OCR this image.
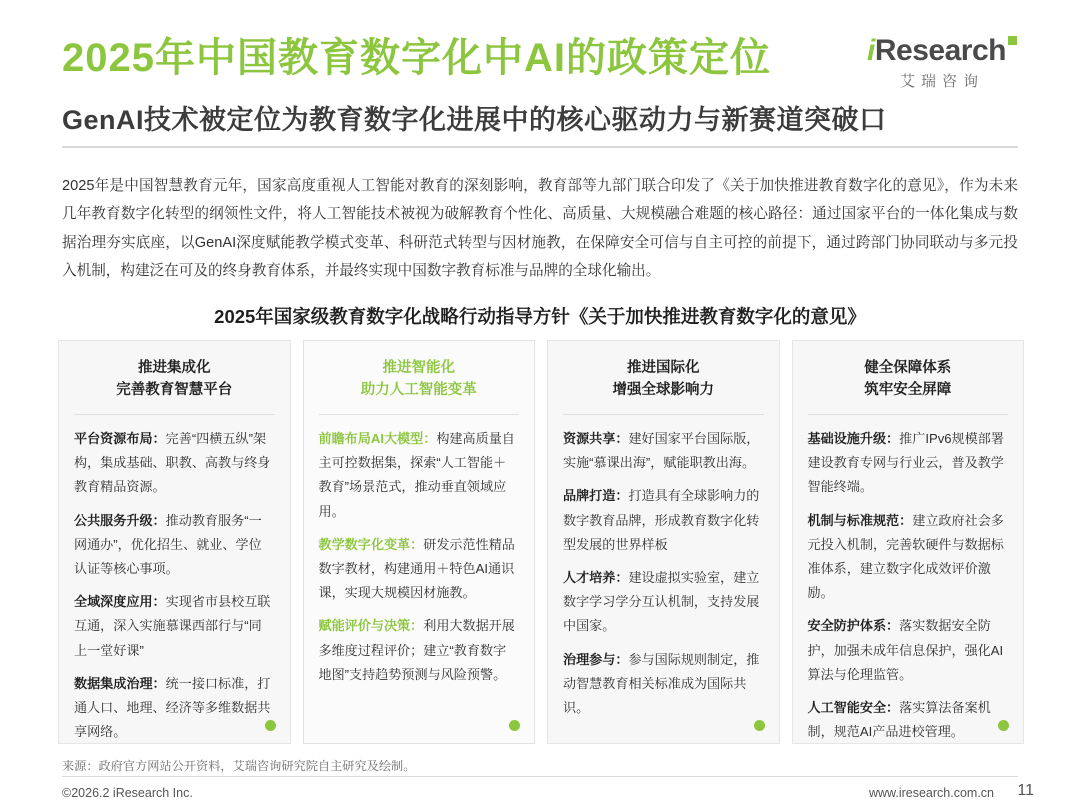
2025年中国教育数字化中AI的政策定位	i Research
艾瑞咨询
GenAI技术被定位为教育数字化进展中的核心驱动力与新赛道突破口
2025年是中国智慧教育元年，国家高度重视人工智能对教育的深刻影响，教育部等九部门联合印发了《关于加快推进教育数字化的意见》，作为未来几年教育数字化转型的纲领性文件，将人工智能技术被视为破解教育个性化、高质量、大规模融合难题的核心路径：通过国家平台的一体化集成与数据治理夯实底座，以GenAI深度赋能教学模式变革、科研范式转型与因材施教，在保障安全可信与自主可控的前提下，通过跨部门协同联动与多元投入机制，构建泛在可及的终身教育体系，并最终实现中国数字教育标准与品牌的全球化输出。
2025年国家级教育数字化战略行动指导方针《关于加快推进教育数字化的意见》
推进集成化
完善教育智慧平台
平台资源布局：完善“四横五纵”架构，集成基础、职教、高教与终身教育精品资源。
公共服务升级：推动教育服务“一网通办”，优化招生、就业、学位认证等核心事项。
全域深度应用：实现省市县校互联互通，深入实施慕课西部行与“同上一堂好课”
数据集成治理：统一接口标准，打通人口、地理、经济等多维数据共享网络。
推进智能化
助力人工智能变革
前瞻布局AI大模型：构建高质量自主可控数据集，探索“人工智能＋教育”场景范式，推动垂直领域应用。
教学数字化变革：研发示范性精品数字教材，构建通用＋特色AI通识课，实现大规模因材施教。
赋能评价与决策：利用大数据开展多维度过程评价；建立“教育数字地图”支持趋势预测与风险预警。
推进国际化
增强全球影响力
资源共享：建好国家平台国际版，实施“慕课出海”，赋能职教出海。
品牌打造：打造具有全球影响力的数字教育品牌，形成教育数字化转型发展的世界样板
人才培养：建设虚拟实验室，建立数字学习学分互认机制，支持发展中国家。
治理参与：参与国际规则制定，推动智慧教育相关标准成为国际共识。
健全保障体系
筑牢安全屏障
基础设施升级：推广IPv6规模部署建设教育专网与行业云，普及教学智能终端。
机制与标准规范：建立政府社会多元投入机制，完善软硬件与数据标准体系，建立数字化成效评价激励。
安全防护体系：落实数据安全防护，加强未成年信息保护，强化AI算法与伦理监管。
人工智能安全：落实算法备案机制，规范AI产品进校管理。
来源：政府官方网站公开资料，艾瑞咨询研究院自主研究及绘制。
©2026.2 iResearch Inc.	www.iresearch.com.cn 11
